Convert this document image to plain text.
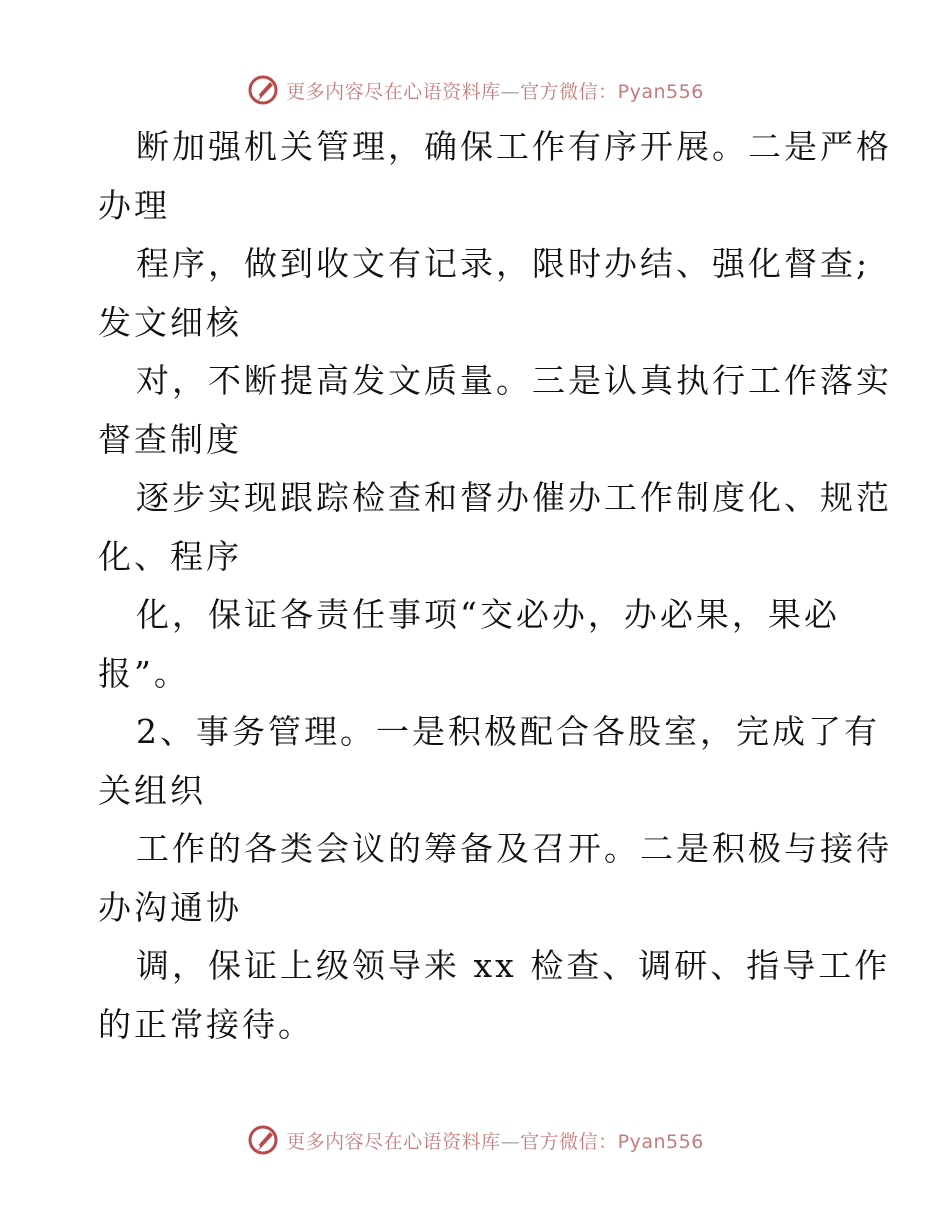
更多内容尽在心语资料库—官方微信：Pyan556
断加强机关管理，确保工作有序开展。二是严格
办理
程序，做到收文有记录，限时办结、强化督查;
发文细核
对，不断提高发文质量。三是认真执行工作落实
督查制度
逐步实现跟踪检查和督办催办工作制度化、规范
化、程序
化，保证各责任事项“交必办，办必果，果必
报”。
2、事务管理。一是积极配合各股室，完成了有
关组织
工作的各类会议的筹备及召开。二是积极与接待
办沟通协
调，保证上级领导来 xx 检查、调研、指导工作
的正常接待。
更多内容尽在心语资料库—官方微信：Pyan556
